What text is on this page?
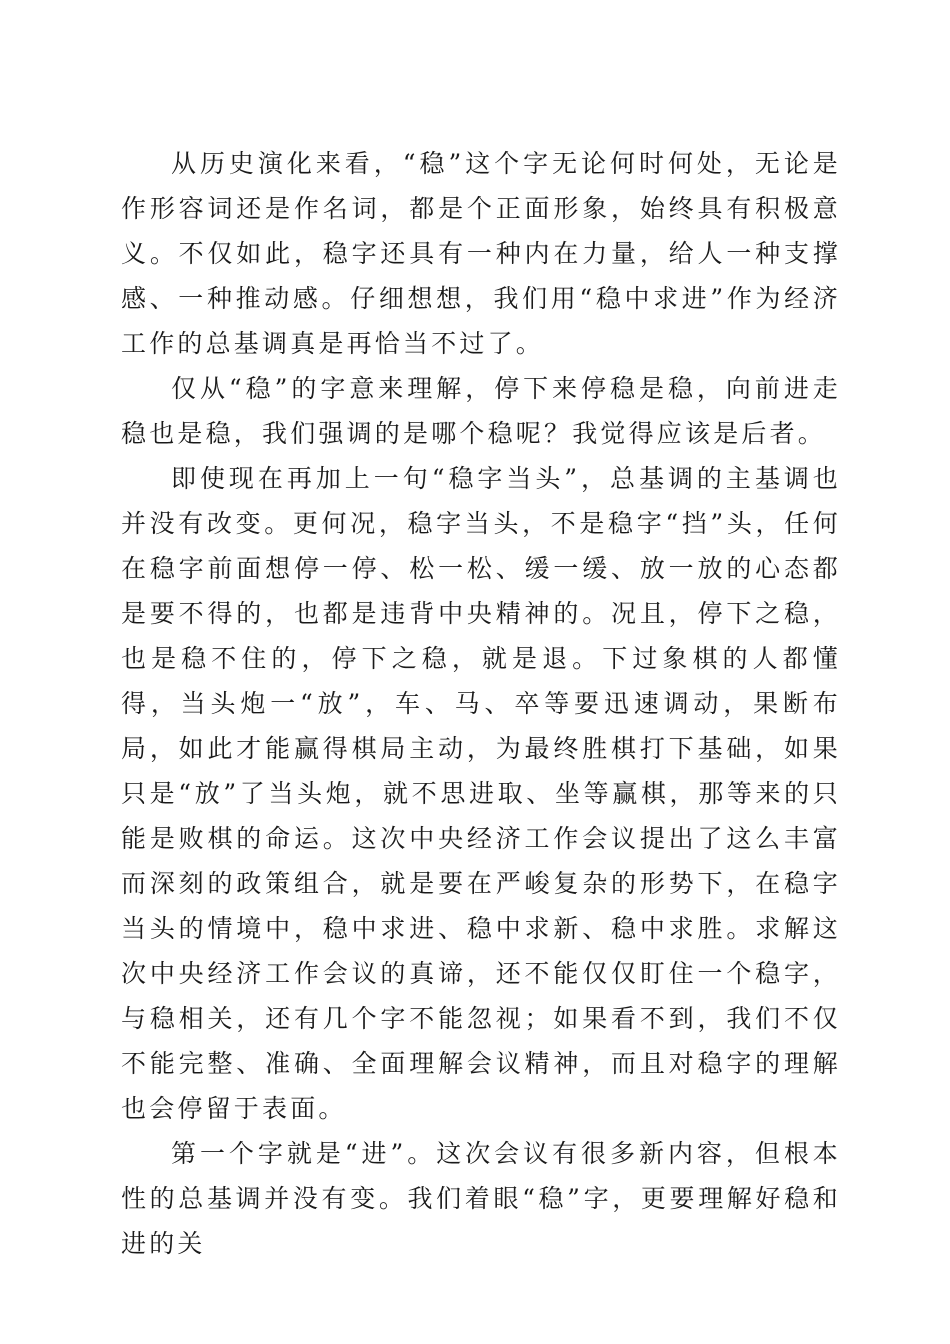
从历史演化来看，“稳”这个字无论何时何处，无论是作形容词还是作名词，都是个正面形象，始终具有积极意义。不仅如此，稳字还具有一种内在力量，给人一种支撑感、一种推动感。仔细想想，我们用“稳中求进”作为经济工作的总基调真是再恰当不过了。

仅从“稳”的字意来理解，停下来停稳是稳，向前进走稳也是稳，我们强调的是哪个稳呢？我觉得应该是后者。

即使现在再加上一句“稳字当头”，总基调的主基调也并没有改变。更何况，稳字当头，不是稳字“挡”头，任何在稳字前面想停一停、松一松、缓一缓、放一放的心态都是要不得的，也都是违背中央精神的。况且，停下之稳，也是稳不住的，停下之稳，就是退。下过象棋的人都懂得，当头炮一“放”，车、马、卒等要迅速调动，果断布局，如此才能赢得棋局主动，为最终胜棋打下基础，如果只是“放”了当头炮，就不思进取、坐等赢棋，那等来的只能是败棋的命运。这次中央经济工作会议提出了这么丰富而深刻的政策组合，就是要在严峻复杂的形势下，在稳字当头的情境中，稳中求进、稳中求新、稳中求胜。求解这次中央经济工作会议的真谛，还不能仅仅盯住一个稳字，与稳相关，还有几个字不能忽视；如果看不到，我们不仅不能完整、准确、全面理解会议精神，而且对稳字的理解也会停留于表面。

第一个字就是“进”。这次会议有很多新内容，但根本性的总基调并没有变。我们着眼“稳”字，更要理解好稳和进的关
